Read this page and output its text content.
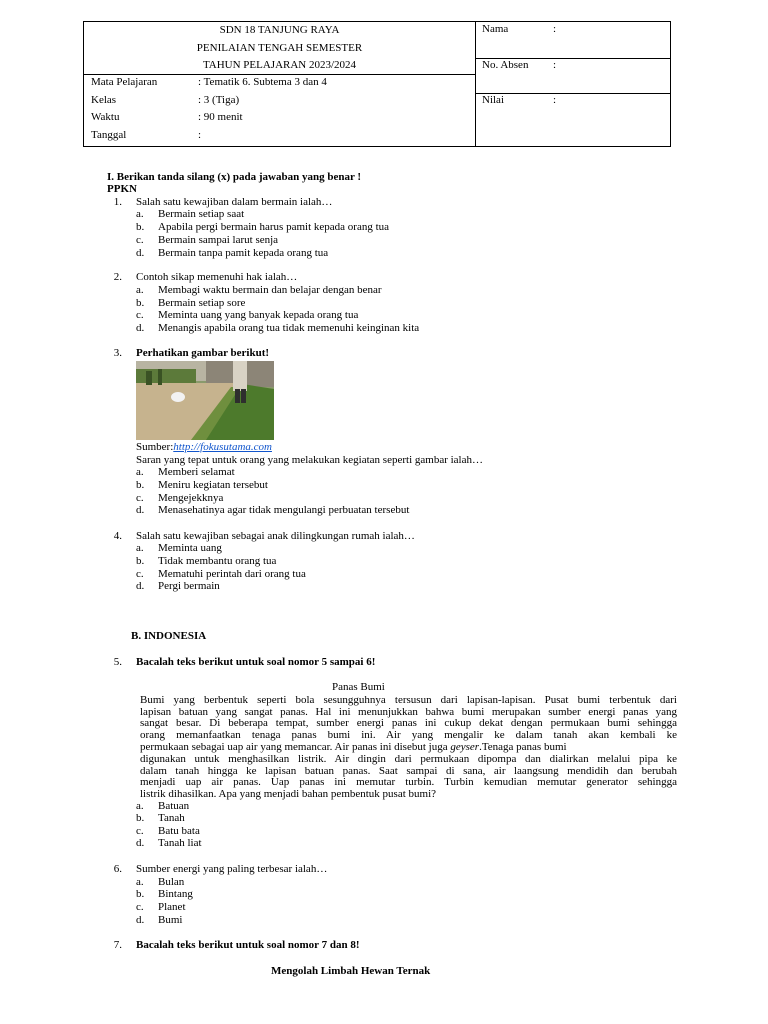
SDN 18 TANJUNG RAYA
PENILAIAN TENGAH SEMESTER
TAHUN PELAJARAN 2023/2024
Mata Pelajaran	: Tematik 6. Subtema 3 dan 4
Kelas	: 3 (Tiga)
Waktu	: 90 menit
Tanggal	:
Nama	:
No. Absen :
Nilai	:
I. Berikan tanda silang (x) pada jawaban yang benar !
PPKN
1. Salah satu kewajiban dalam bermain ialah…
a. Bermain setiap saat
b. Apabila pergi bermain harus pamit kepada orang tua
c. Bermain sampai larut senja
d. Bermain tanpa pamit kepada orang tua
2. Contoh sikap memenuhi hak ialah…
a. Membagi waktu bermain dan belajar dengan benar
b. Bermain setiap sore
c. Meminta uang yang banyak kepada orang tua
d. Menangis apabila orang tua tidak memenuhi keinginan kita
3. Perhatikan gambar berikut!
Sumber:http://fokusutama.com
Saran yang tepat untuk orang yang melakukan kegiatan seperti gambar ialah…
a. Memberi selamat
b. Meniru kegiatan tersebut
c. Mengejekknya
d. Menasehatinya agar tidak mengulangi perbuatan tersebut
4. Salah satu kewajiban sebagai anak dilingkungan rumah ialah…
a. Meminta uang
b. Tidak membantu orang tua
c. Mematuhi perintah dari orang tua
d. Pergi bermain
B. INDONESIA
5. Bacalah teks berikut untuk soal nomor 5 sampai 6!
Panas Bumi
Bumi yang berbentuk seperti bola sesungguhnya tersusun dari lapisan-lapisan. Pusat bumi terbentuk dari
lapisan batuan yang sangat panas. Hal ini menunjukkan bahwa bumi merupakan sumber energi panas yang
sangat besar. Di beberapa tempat, sumber energi panas ini cukup dekat dengan permukaan bumi sehingga
orang memanfaatkan tenaga panas bumi ini. Air yang mengalir ke dalam tanah akan kembali ke
permukaan sebagai uap air yang memancar. Air panas ini disebut juga geyser.Tenaga panas bumi
digunakan untuk menghasilkan listrik. Air dingin dari permukaan dipompa dan dialirkan melalui pipa ke
dalam tanah hingga ke lapisan batuan panas. Saat sampai di sana, air laangsung mendidih dan berubah
menjadi uap air panas. Uap panas ini memutar turbin. Turbin kemudian memutar generator sehingga
listrik dihasilkan. Apa yang menjadi bahan pembentuk pusat bumi?
a. Batuan
b. Tanah
c. Batu bata
d. Tanah liat
6. Sumber energi yang paling terbesar ialah…
a. Bulan
b. Bintang
c. Planet
d. Bumi
7. Bacalah teks berikut untuk soal nomor 7 dan 8!
Mengolah Limbah Hewan Ternak
